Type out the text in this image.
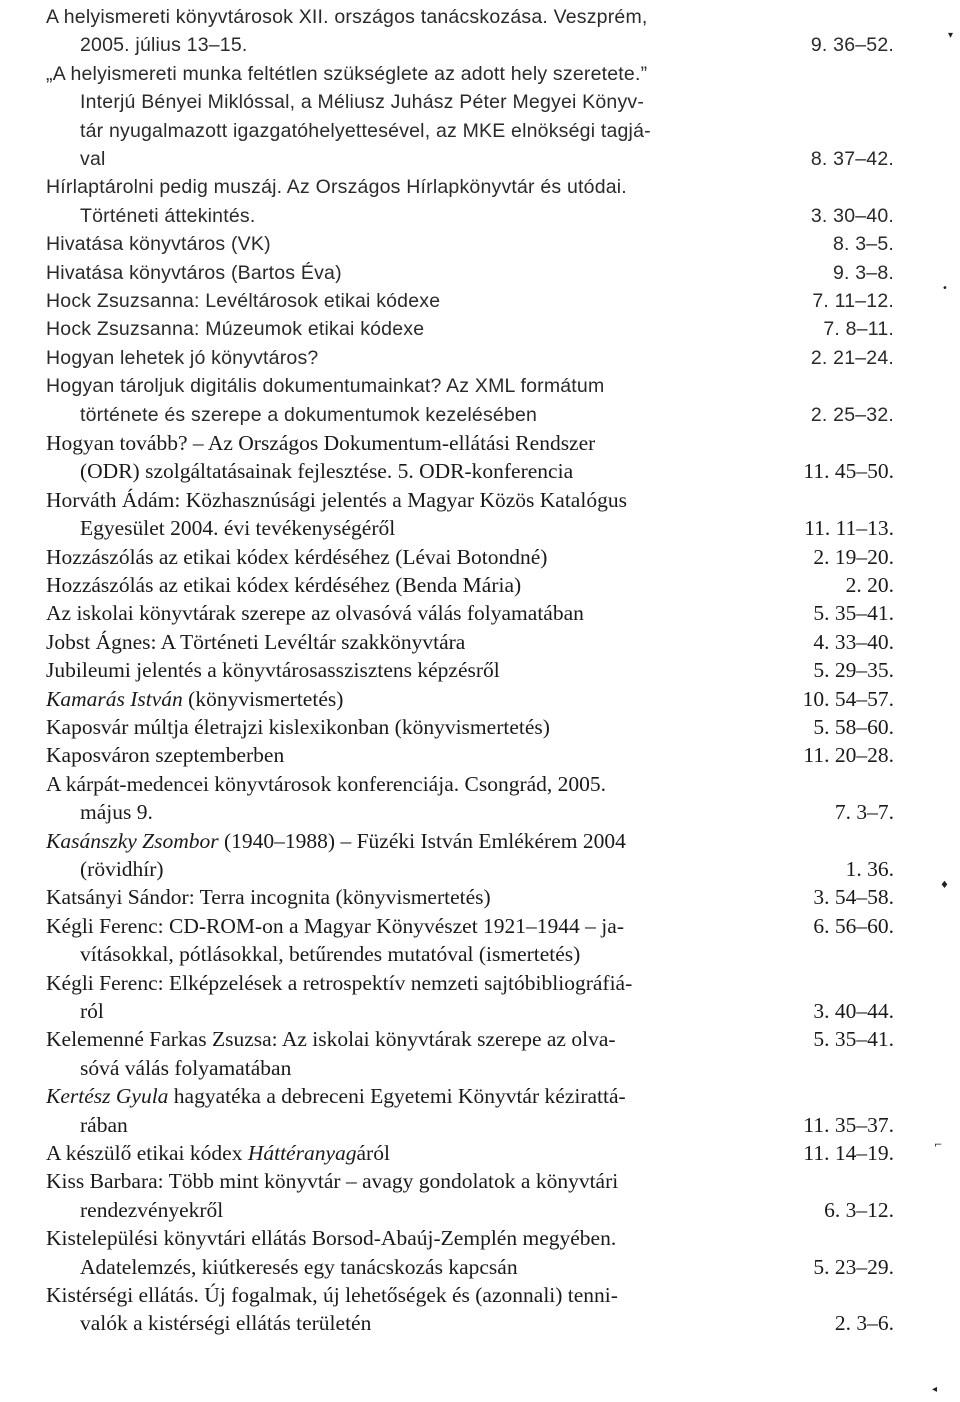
A helyismereti könyvtárosok XII. országos tanácskozása. Veszprém,
2005. július 13–15.	9. 36–52.
„A helyismereti munka feltétlen szükséglete az adott hely szeretete.”
Interjú Bényei Miklóssal, a Méliusz Juhász Péter Megyei Könyv-
tár nyugalmazott igazgatóhelyettesével, az MKE elnökségi tagjá-
val	8. 37–42.
Hírlaptárolni pedig muszáj. Az Országos Hírlapkönyvtár és utódai.
Történeti áttekintés.	3. 30–40.
Hivatása könyvtáros (VK)	8. 3–5.
Hivatása könyvtáros (Bartos Éva)	9. 3–8.
Hock Zsuzsanna: Levéltárosok etikai kódexe	7. 11–12.
Hock Zsuzsanna: Múzeumok etikai kódexe	7. 8–11.
Hogyan lehetek jó könyvtáros?	2. 21–24.
Hogyan tároljuk digitális dokumentumainkat? Az XML formátum
története és szerepe a dokumentumok kezelésében	2. 25–32.
Hogyan tovább? – Az Országos Dokumentum-ellátási Rendszer
(ODR) szolgáltatásainak fejlesztése. 5. ODR-konferencia	11. 45–50.
Horváth Ádám: Közhasznúsági jelentés a Magyar Közös Katalógus
Egyesület 2004. évi tevékenységéről	11. 11–13.
Hozzászólás az etikai kódex kérdéséhez (Lévai Botondné)	2. 19–20.
Hozzászólás az etikai kódex kérdéséhez (Benda Mária)	2. 20.
Az iskolai könyvtárak szerepe az olvasóvá válás folyamatában	5. 35–41.
Jobst Ágnes: A Történeti Levéltár szakkönyvtára	4. 33–40.
Jubileumi jelentés a könyvtárosasszisztens képzésről	5. 29–35.
Kamarás István (könyvismertetés)	10. 54–57.
Kaposvár múltja életrajzi kislexikonban (könyvismertetés)	5. 58–60.
Kaposváron szeptemberben	11. 20–28.
A kárpát-medencei könyvtárosok konferenciája. Csongrád, 2005.
május 9.	7. 3–7.
Kasánszky Zsombor (1940–1988) – Füzéki István Emlékérem 2004
(rövidhír)	1. 36.
Katsányi Sándor: Terra incognita (könyvismertetés)	3. 54–58.
Kégli Ferenc: CD-ROM-on a Magyar Könyvészet 1921–1944 – ja-	6. 56–60.
vításokkal, pótlásokkal, betűrendes mutatóval (ismertetés)
Kégli Ferenc: Elképzelések a retrospektív nemzeti sajtóbibliográfiá-
ról	3. 40–44.
Kelemenné Farkas Zsuzsa: Az iskolai könyvtárak szerepe az olva-	5. 35–41.
sóvá válás folyamatában
Kertész Gyula hagyatéka a debreceni Egyetemi Könyvtár kézirattá-
rában	11. 35–37.
A készülő etikai kódex Háttéranyagáról	11. 14–19.
Kiss Barbara: Több mint könyvtár – avagy gondolatok a könyvtári
rendezvényekről	6. 3–12.
Kistelepülési könyvtári ellátás Borsod-Abaúj-Zemplén megyében.
Adatelemzés, kiútkeresés egy tanácskozás kapcsán	5. 23–29.
Kistérségi ellátás. Új fogalmak, új lehetőségek és (azonnali) tenni-
valók a kistérségi ellátás területén	2. 3–6.
▾
•
♦
⌐
◂
